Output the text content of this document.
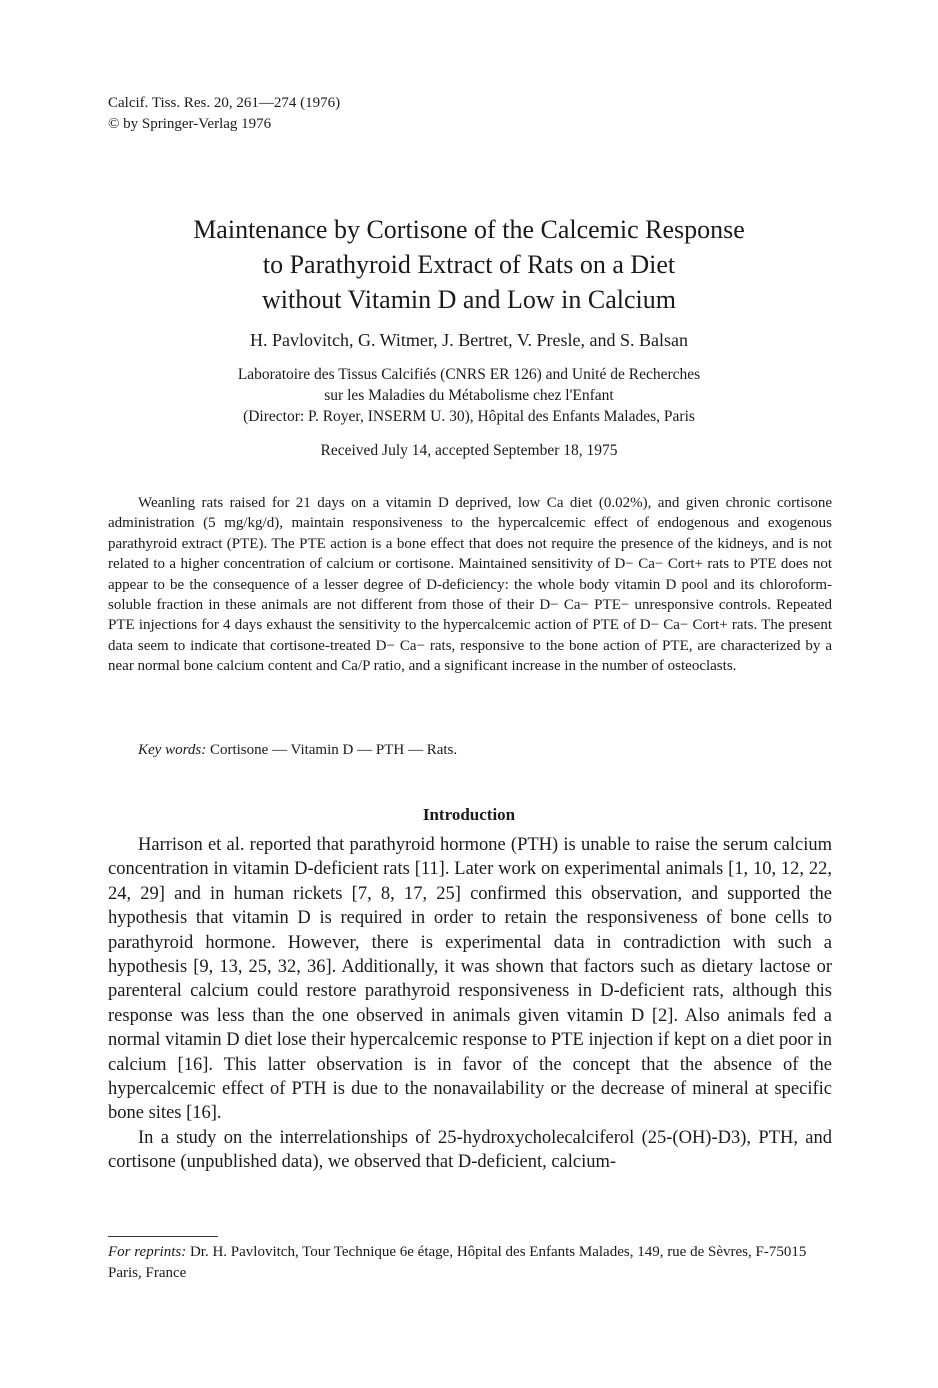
Calcif. Tiss. Res. 20, 261—274 (1976)
© by Springer-Verlag 1976
Maintenance by Cortisone of the Calcemic Response
to Parathyroid Extract of Rats on a Diet
without Vitamin D and Low in Calcium
H. Pavlovitch, G. Witmer, J. Bertret, V. Presle, and S. Balsan
Laboratoire des Tissus Calcifiés (CNRS ER 126) and Unité de Recherches
sur les Maladies du Métabolisme chez l'Enfant
(Director: P. Royer, INSERM U. 30), Hôpital des Enfants Malades, Paris
Received July 14, accepted September 18, 1975

Weanling rats raised for 21 days on a vitamin D deprived, low Ca diet (0.02%), and given chronic cortisone administration (5 mg/kg/d), maintain responsiveness to the hypercalcemic effect of endogenous and exogenous parathyroid extract (PTE). The PTE action is a bone effect that does not require the presence of the kidneys, and is not related to a higher concentration of calcium or cortisone. Maintained sensitivity of D− Ca− Cort+ rats to PTE does not appear to be the consequence of a lesser degree of D-deficiency: the whole body vitamin D pool and its chloroform-soluble fraction in these animals are not different from those of their D− Ca− PTE− unresponsive controls. Repeated PTE injections for 4 days exhaust the sensitivity to the hypercalcemic action of PTE of D− Ca− Cort+ rats. The present data seem to indicate that cortisone-treated D− Ca− rats, responsive to the bone action of PTE, are characterized by a near normal bone calcium content and Ca/P ratio, and a significant increase in the number of osteoclasts.

Key words: Cortisone — Vitamin D — PTH — Rats.
Introduction

Harrison et al. reported that parathyroid hormone (PTH) is unable to raise the serum calcium concentration in vitamin D-deficient rats [11]. Later work on experimental animals [1, 10, 12, 22, 24, 29] and in human rickets [7, 8, 17, 25] confirmed this observation, and supported the hypothesis that vitamin D is required in order to retain the responsiveness of bone cells to parathyroid hormone. However, there is experimental data in contradiction with such a hypothesis [9, 13, 25, 32, 36]. Additionally, it was shown that factors such as dietary lactose or parenteral calcium could restore parathyroid responsiveness in D-deficient rats, although this response was less than the one observed in animals given vitamin D [2]. Also animals fed a normal vitamin D diet lose their hypercalcemic response to PTE injection if kept on a diet poor in calcium [16]. This latter observation is in favor of the concept that the absence of the hypercalcemic effect of PTH is due to the nonavailability or the decrease of mineral at specific bone sites [16].

In a study on the interrelationships of 25-hydroxycholecalciferol (25-(OH)-D3), PTH, and cortisone (unpublished data), we observed that D-deficient, calcium-

For reprints: Dr. H. Pavlovitch, Tour Technique 6e étage, Hôpital des Enfants Malades, 149, rue de Sèvres, F-75015 Paris, France
